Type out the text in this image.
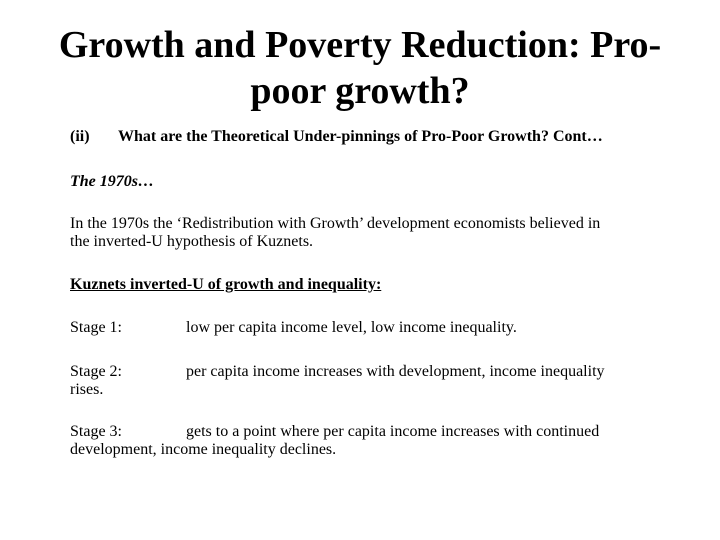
Growth and Poverty Reduction: Pro-
poor growth?
(ii) What are the Theoretical Under-pinnings of Pro-Poor Growth? Cont…
The 1970s…
In the 1970s the ‘Redistribution with Growth’ development economists believed in
the inverted-U hypothesis of Kuznets.
Kuznets inverted-U of growth and inequality:
Stage 1:	low per capita income level, low income inequality.
Stage 2:	per capita income increases with development, income inequality
rises.
Stage 3:	gets to a point where per capita income increases with continued
development, income inequality declines.
